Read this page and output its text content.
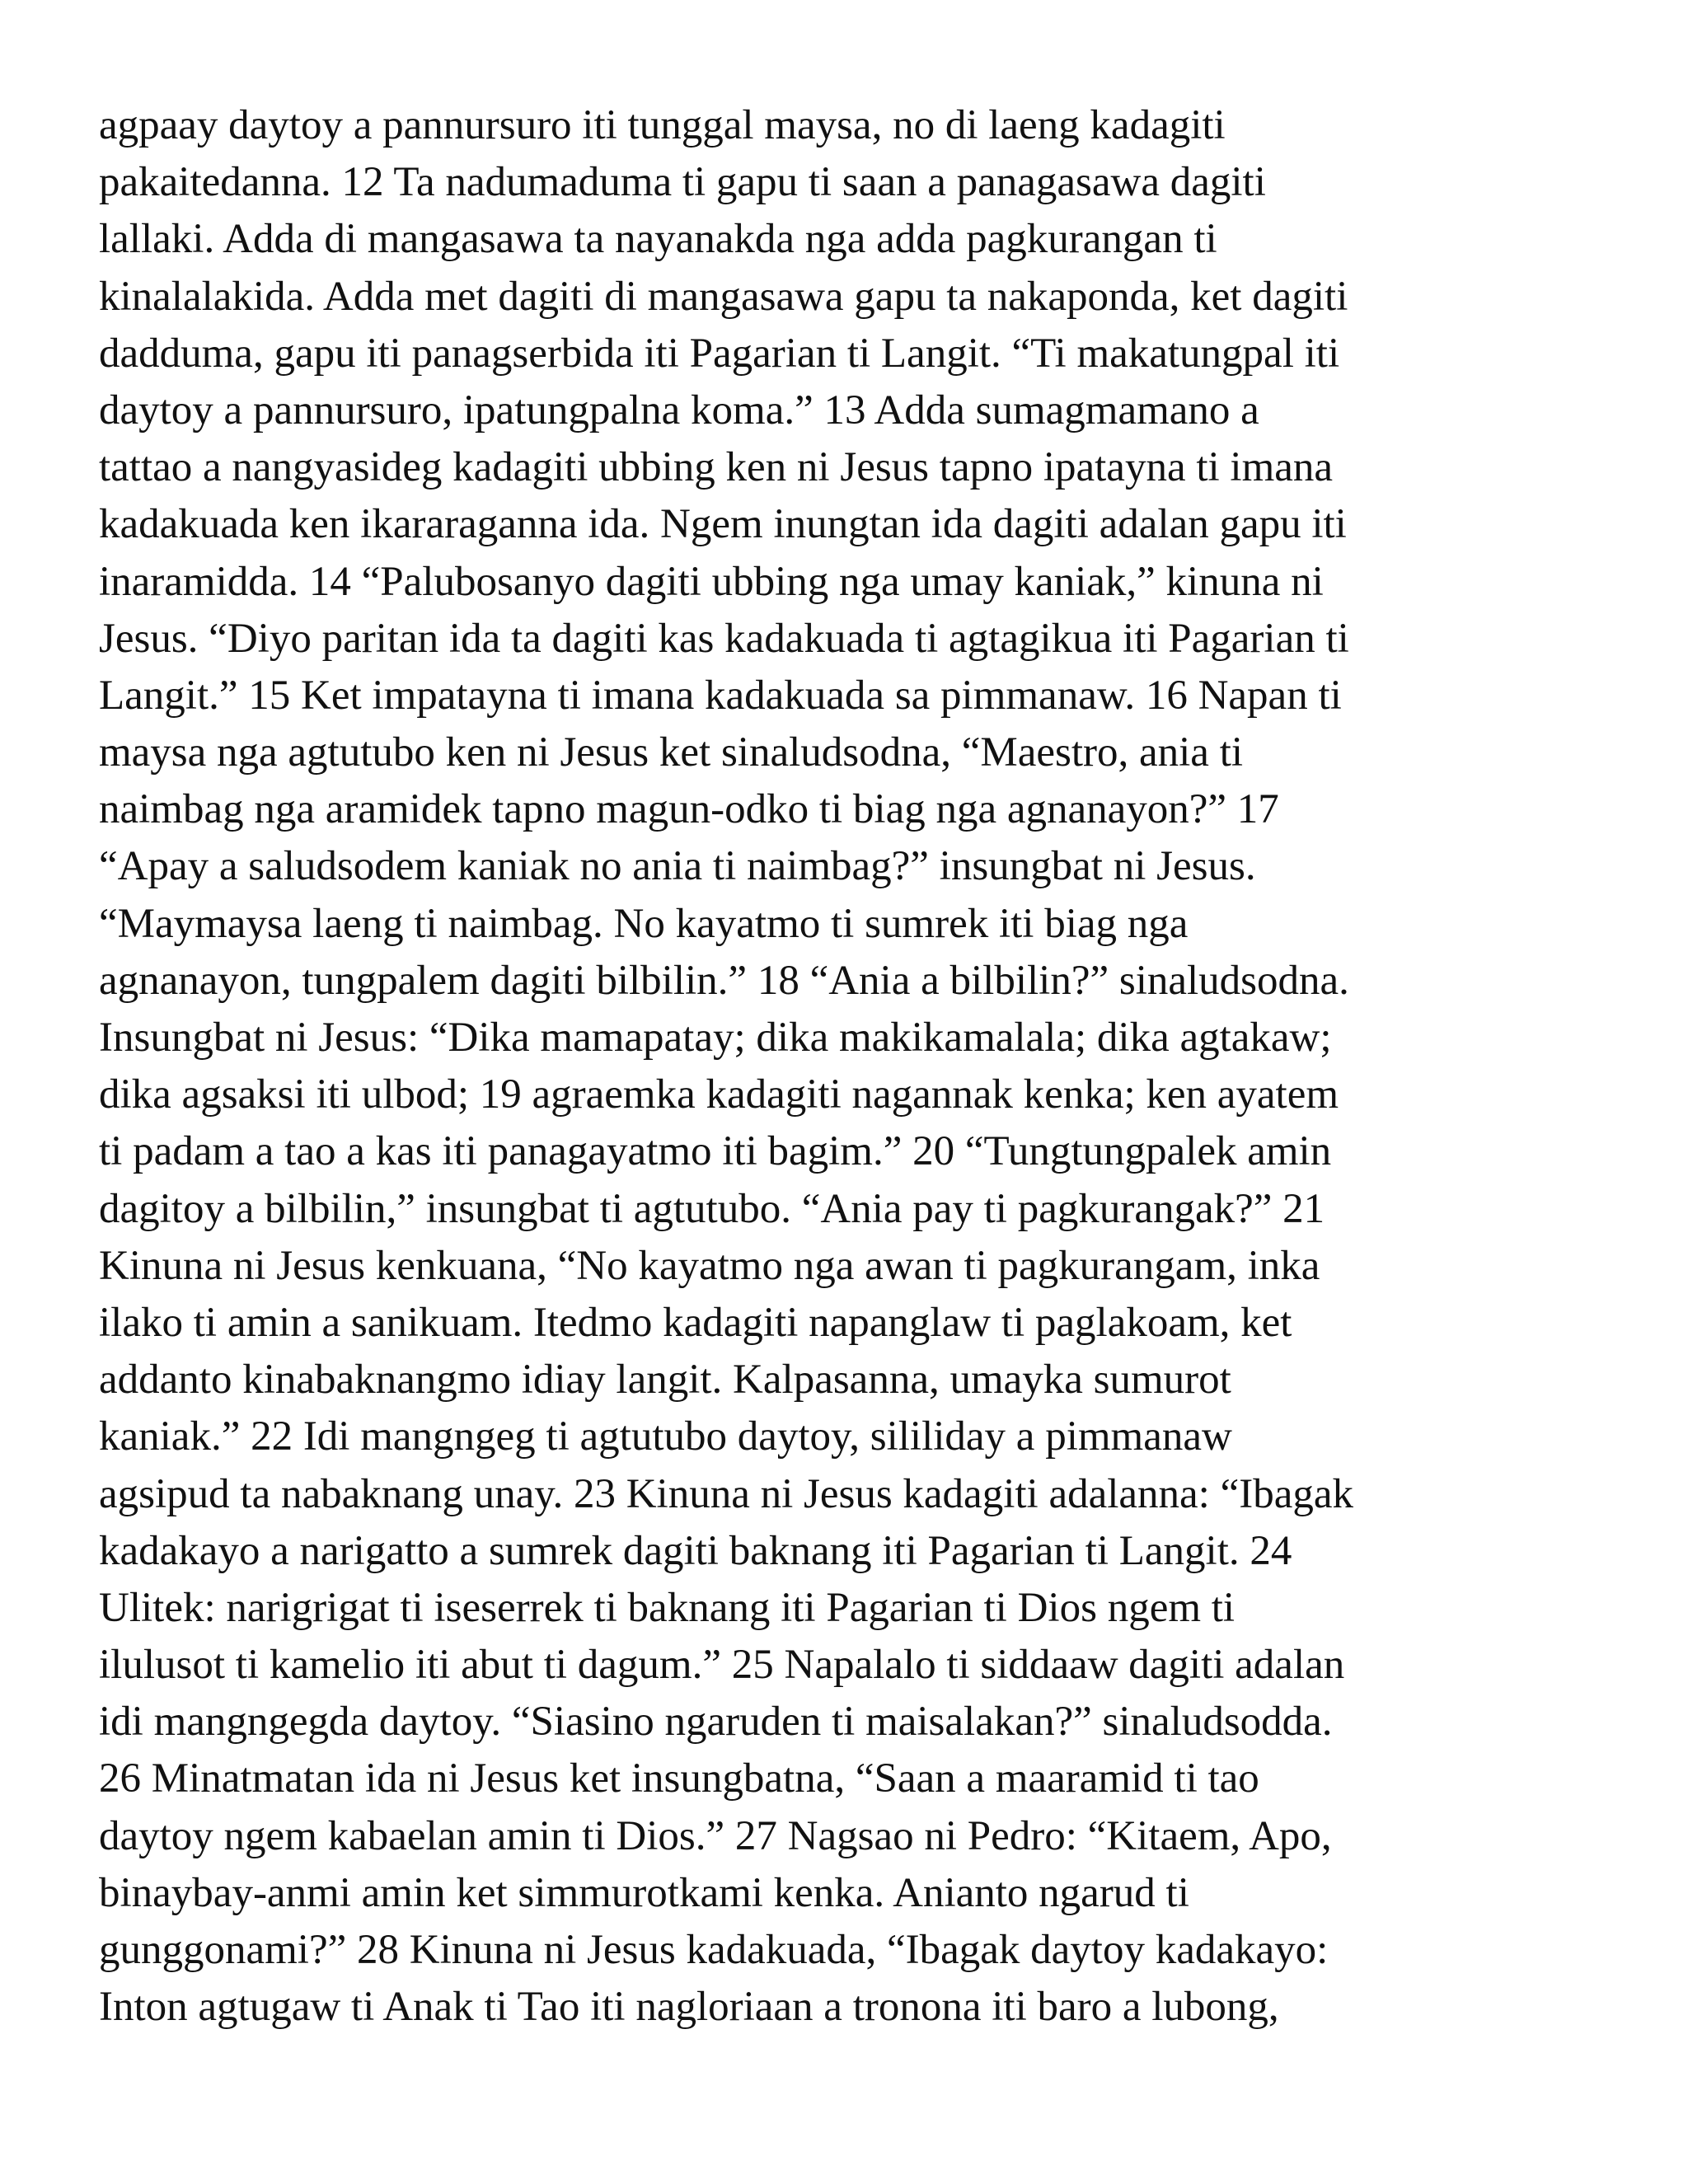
agpaay daytoy a pannursuro iti tunggal maysa, no di laeng kadagiti
pakaitedanna. 12 Ta nadumaduma ti gapu ti saan a panagasawa dagiti
lallaki. Adda di mangasawa ta nayanakda nga adda pagkurangan ti
kinalalakida. Adda met dagiti di mangasawa gapu ta nakaponda, ket dagiti
dadduma, gapu iti panagserbida iti Pagarian ti Langit. “Ti makatungpal iti
daytoy a pannursuro, ipatungpalna koma.” 13 Adda sumagmamano a
tattao a nangyasideg kadagiti ubbing ken ni Jesus tapno ipatayna ti imana
kadakuada ken ikararaganna ida. Ngem inungtan ida dagiti adalan gapu iti
inaramidda. 14 “Palubosanyo dagiti ubbing nga umay kaniak,” kinuna ni
Jesus. “Diyo paritan ida ta dagiti kas kadakuada ti agtagikua iti Pagarian ti
Langit.” 15 Ket impatayna ti imana kadakuada sa pimmanaw. 16 Napan ti
maysa nga agtutubo ken ni Jesus ket sinaludsodna, “Maestro, ania ti
naimbag nga aramidek tapno magun-odko ti biag nga agnanayon?” 17
“Apay a saludsodem kaniak no ania ti naimbag?” insungbat ni Jesus.
“Maymaysa laeng ti naimbag. No kayatmo ti sumrek iti biag nga
agnanayon, tungpalem dagiti bilbilin.” 18 “Ania a bilbilin?” sinaludsodna.
Insungbat ni Jesus: “Dika mamapatay; dika makikamalala; dika agtakaw;
dika agsaksi iti ulbod; 19 agraemka kadagiti nagannak kenka; ken ayatem
ti padam a tao a kas iti panagayatmo iti bagim.” 20 “Tungtungpalek amin
dagitoy a bilbilin,” insungbat ti agtutubo. “Ania pay ti pagkurangak?” 21
Kinuna ni Jesus kenkuana, “No kayatmo nga awan ti pagkurangam, inka
ilako ti amin a sanikuam. Itedmo kadagiti napanglaw ti paglakoam, ket
addanto kinabaknangmo idiay langit. Kalpasanna, umayka sumurot
kaniak.” 22 Idi mangngeg ti agtutubo daytoy, sililiday a pimmanaw
agsipud ta nabaknang unay. 23 Kinuna ni Jesus kadagiti adalanna: “Ibagak
kadakayo a narigatto a sumrek dagiti baknang iti Pagarian ti Langit. 24
Ulitek: narigrigat ti iseserrek ti baknang iti Pagarian ti Dios ngem ti
ilulusot ti kamelio iti abut ti dagum.” 25 Napalalo ti siddaaw dagiti adalan
idi mangngegda daytoy. “Siasino ngaruden ti maisalakan?” sinaludsodda.
26 Minatmatan ida ni Jesus ket insungbatna, “Saan a maaramid ti tao
daytoy ngem kabaelan amin ti Dios.” 27 Nagsao ni Pedro: “Kitaem, Apo,
binaybay-anmi amin ket simmurotkami kenka. Anianto ngarud ti
gunggonami?” 28 Kinuna ni Jesus kadakuada, “Ibagak daytoy kadakayo:
Inton agtugaw ti Anak ti Tao iti nagloriaan a tronona iti baro a lubong,
